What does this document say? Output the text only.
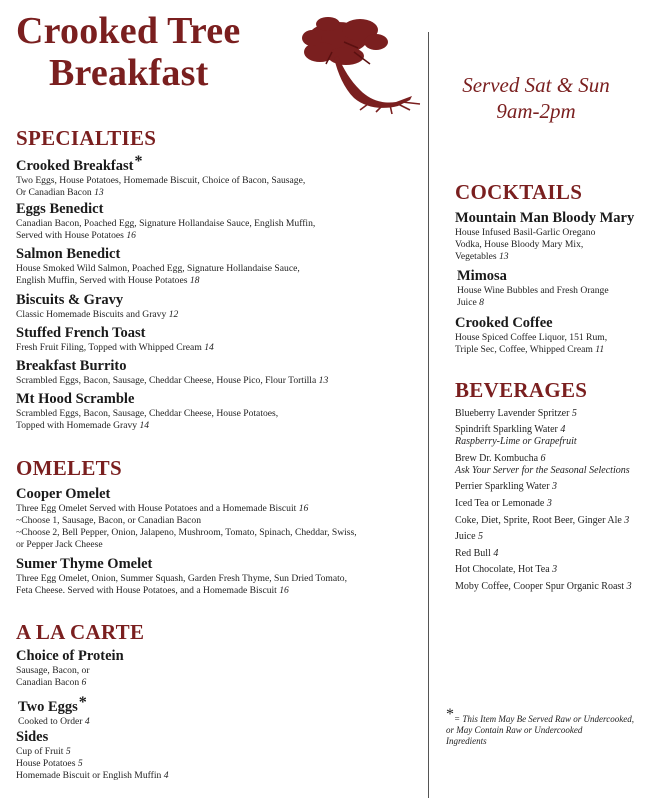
Crooked Tree
Breakfast	Served Sat & Sun
9am-2pm
SPECIALTIES
Crooked Breakfast*
Two Eggs, House Potatoes, Homemade Biscuit, Choice of Bacon, Sausage,
Or Canadian Bacon 13
Eggs Benedict
Canadian Bacon, Poached Egg, Signature Hollandaise Sauce, English Muffin,
Served with House Potatoes 16
Salmon Benedict
House Smoked Wild Salmon, Poached Egg, Signature Hollandaise Sauce,
English Muffin, Served with House Potatoes 18
Biscuits & Gravy
Classic Homemade Biscuits and Gravy 12
Stuffed French Toast
Fresh Fruit Filing, Topped with Whipped Cream 14
Breakfast Burrito
Scrambled Eggs, Bacon, Sausage, Cheddar Cheese, House Pico, Flour Tortilla 13
Mt Hood Scramble
Scrambled Eggs, Bacon, Sausage, Cheddar Cheese, House Potatoes,
Topped with Homemade Gravy 14
OMELETS
Cooper Omelet
Three Egg Omelet Served with House Potatoes and a Homemade Biscuit 16
~Choose 1, Sausage, Bacon, or Canadian Bacon
~Choose 2, Bell Pepper, Onion, Jalapeno, Mushroom, Tomato, Spinach, Cheddar, Swiss,
or Pepper Jack Cheese
Sumer Thyme Omelet
Three Egg Omelet, Onion, Summer Squash, Garden Fresh Thyme, Sun Dried Tomato,
Feta Cheese. Served with House Potatoes, and a Homemade Biscuit 16
A LA CARTE
Choice of Protein
Sausage, Bacon, or
Canadian Bacon 6
Two Eggs*
Cooked to Order 4
Sides
Cup of Fruit 5
House Potatoes 5
Homemade Biscuit or English Muffin 4
COCKTAILS
Mountain Man Bloody Mary
House Infused Basil-Garlic Oregano
Vodka, House Bloody Mary Mix,
Vegetables 13
Mimosa
House Wine Bubbles and Fresh Orange
Juice 8
Crooked Coffee
House Spiced Coffee Liquor, 151 Rum,
Triple Sec, Coffee, Whipped Cream 11
BEVERAGES
Blueberry Lavender Spritzer 5
Spindrift Sparkling Water 4
Raspberry-Lime or Grapefruit
Brew Dr. Kombucha 6
Ask Your Server for the Seasonal Selections
Perrier Sparkling Water 3
Iced Tea or Lemonade 3
Coke, Diet, Sprite, Root Beer, Ginger Ale 3
Juice 5
Red Bull 4
Hot Chocolate, Hot Tea 3
Moby Coffee, Cooper Spur Organic Roast 3
*= This Item May Be Served Raw or Undercooked,
or May Contain Raw or Undercooked
Ingredients
